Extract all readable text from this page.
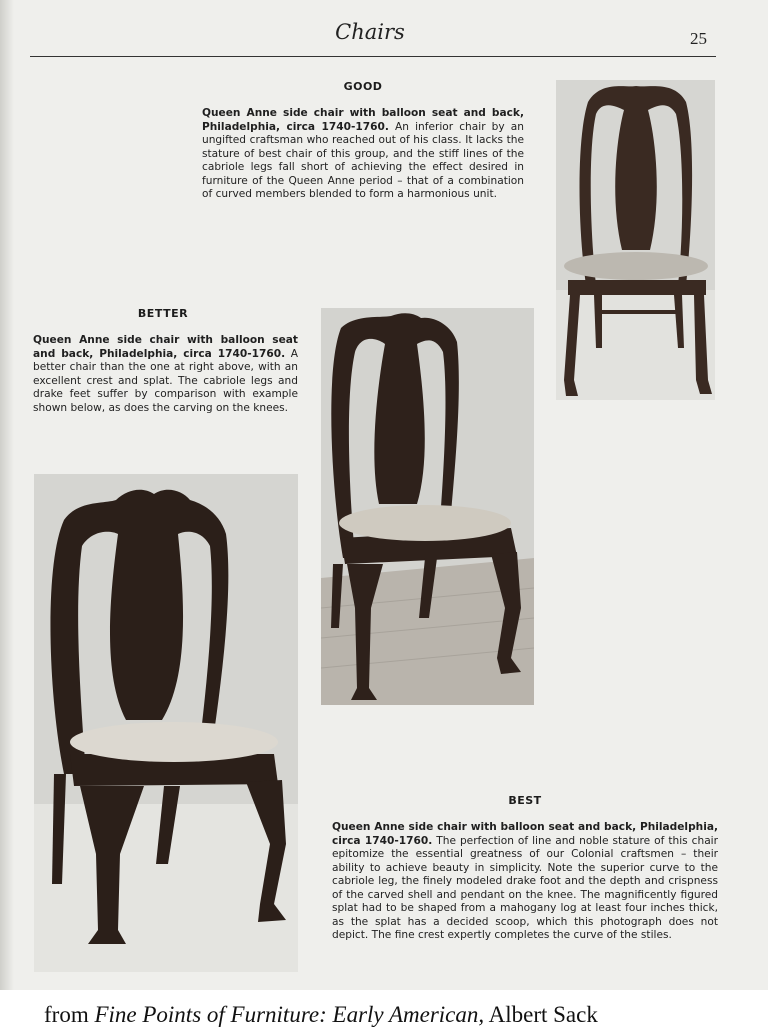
Chairs	25
GOOD
Queen Anne side chair with balloon seat and back, Philadelphia, circa 1740-1760. An inferior chair by an ungifted craftsman who reached out of his class. It lacks the stature of best chair of this group, and the stiff lines of the cabriole legs fall short of achieving the effect desired in furniture of the Queen Anne period – that of a combination of curved members blended to form a harmonious unit.
BETTER
Queen Anne side chair with balloon seat and back, Philadelphia, circa 1740-1760. A better chair than the one at right above, with an excellent crest and splat. The cabriole legs and drake feet suffer by comparison with example shown below, as does the carving on the knees.
BEST
Queen Anne side chair with balloon seat and back, Philadelphia, circa 1740-1760. The perfection of line and noble stature of this chair epitomize the essential greatness of our Colonial craftsmen – their ability to achieve beauty in simplicity. Note the superior curve to the cabriole leg, the finely modeled drake foot and the depth and crispness of the carved shell and pendant on the knee. The magnificently figured splat had to be shaped from a mahogany log at least four inches thick, as the splat has a decided scoop, which this photograph does not depict. The fine crest expertly completes the curve of the stiles.
from Fine Points of Furniture: Early American, Albert Sack
